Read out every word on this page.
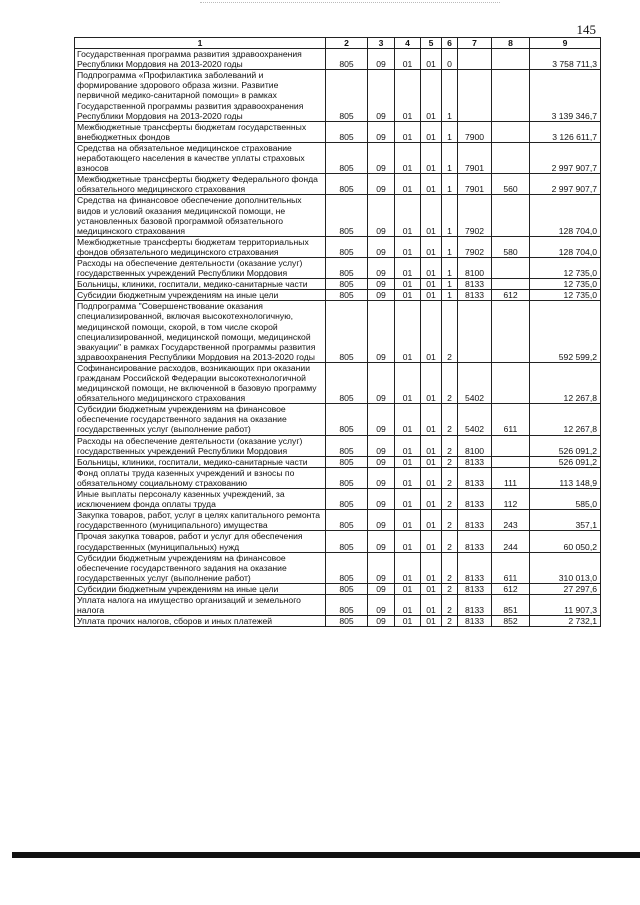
145
1	2	3	4	5	6	7	8	9
Государственная программа развития здравоохранения Республики Мордовия на 2013-2020 годы	805	09	01	01	0			3 758 711,3
Подпрограмма «Профилактика заболеваний и формирование здорового образа жизни. Развитие первичной медико-санитарной помощи» в рамках Государственной программы развития здравоохранения Республики Мордовия на 2013-2020 годы	805	09	01	01	1			3 139 346,7
Межбюджетные трансферты бюджетам государственных внебюджетных фондов	805	09	01	01	1	7900		3 126 611,7
Средства на обязательное медицинское страхование неработающего населения в качестве уплаты страховых взносов	805	09	01	01	1	7901		2 997 907,7
Межбюджетные трансферты бюджету Федерального фонда обязательного медицинского страхования	805	09	01	01	1	7901	560	2 997 907,7
Средства на финансовое обеспечение дополнительных видов и условий оказания медицинской помощи, не установленных базовой программой обязательного медицинского страхования	805	09	01	01	1	7902		128 704,0
Межбюджетные трансферты бюджетам территориальных фондов обязательного медицинского страхования	805	09	01	01	1	7902	580	128 704,0
Расходы на обеспечение деятельности (оказание услуг) государственных учреждений Республики Мордовия	805	09	01	01	1	8100		12 735,0
Больницы, клиники, госпитали, медико-санитарные части	805	09	01	01	1	8133		12 735,0
Субсидии бюджетным учреждениям на иные цели	805	09	01	01	1	8133	612	12 735,0
Подпрограмма "Совершенствование оказания специализированной, включая высокотехнологичную, медицинской помощи, скорой, в том числе скорой специализированной, медицинской помощи, медицинской эвакуации" в рамках Государственной программы развития здравоохранения Республики Мордовия на 2013-2020 годы	805	09	01	01	2			592 599,2
Софинансирование расходов, возникающих при оказании гражданам Российской Федерации высокотехнологичной медицинской помощи, не включенной в базовую программу обязательного медицинского страхования	805	09	01	01	2	5402		12 267,8
Субсидии бюджетным учреждениям на финансовое обеспечение государственного задания на оказание государственных услуг (выполнение работ)	805	09	01	01	2	5402	611	12 267,8
Расходы на обеспечение деятельности (оказание услуг) государственных учреждений Республики Мордовия	805	09	01	01	2	8100		526 091,2
Больницы, клиники, госпитали, медико-санитарные части	805	09	01	01	2	8133		526 091,2
Фонд оплаты труда казенных учреждений и взносы по обязательному социальному страхованию	805	09	01	01	2	8133	111	113 148,9
Иные выплаты персоналу казенных учреждений, за исключением фонда оплаты труда	805	09	01	01	2	8133	112	585,0
Закупка товаров, работ, услуг в целях капитального ремонта государственного (муниципального) имущества	805	09	01	01	2	8133	243	357,1
Прочая закупка товаров, работ и услуг для обеспечения государственных (муниципальных) нужд	805	09	01	01	2	8133	244	60 050,2
Субсидии бюджетным учреждениям на финансовое обеспечение государственного задания на оказание государственных услуг (выполнение работ)	805	09	01	01	2	8133	611	310 013,0
Субсидии бюджетным учреждениям на иные цели	805	09	01	01	2	8133	612	27 297,6
Уплата налога на имущество организаций и земельного налога	805	09	01	01	2	8133	851	11 907,3
Уплата прочих налогов, сборов и иных платежей	805	09	01	01	2	8133	852	2 732,1
